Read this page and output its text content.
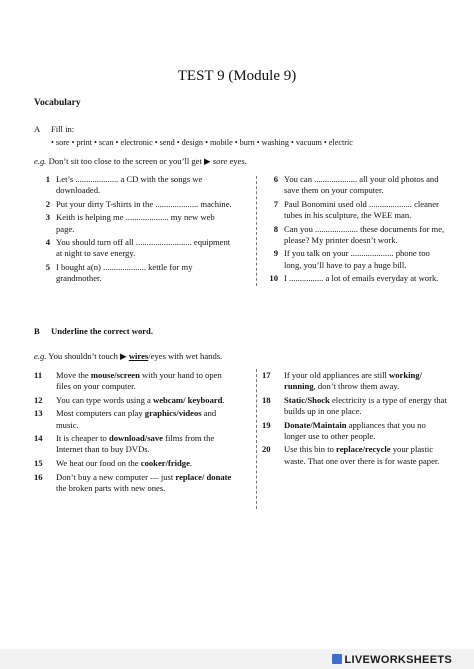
TEST 9 (Module 9)
Vocabulary
A Fill in:
• sore • print • scan • electronic • send • design • mobile • burn • washing • vacuum • electric
e.g. Don’t sit too close to the screen or you’ll get ▶ sore eyes.
1 Let’s .................... a CD with the songs we downloaded.
2 Put your dirty T-shirts in the .................... machine.
3 Keith is helping me .................... my new web page.
4 You should turn off all .......................... equipment at night to save energy.
5 I bought a(n) .................... kettle for my grandmother.
6 You can .................... all your old photos and save them on your computer.
7 Paul Bonomini used old .................... cleaner tubes in his sculpture, the WEE man.
8 Can you .................... these documents for me, please? My printer doesn’t work.
9 If you talk on your .................... phone too long, you’ll have to pay a huge bill.
10 I ................ a lot of emails everyday at work.
B Underline the correct word.
e.g. You shouldn’t touch ▶ wires/eyes with wet hands.
11	Move the mouse/screen with your hand to open files on your computer.
12	You can type words using a webcam/ keyboard.
13	Most computers can play graphics/videos and music.
14	It is cheaper to download/save films from the Internet than to buy DVDs.
15	We heat our food on the cooker/fridge.
16	Don’t buy a new computer — just replace/ donate the broken parts with new ones.
17	If your old appliances are still working/ running, don’t throw them away.
18	Static/Shock electricity is a type of energy that builds up in one place.
19	Donate/Maintain appliances that you no longer use to other people.
20	Use this bin to replace/recycle your plastic waste. That one over there is for waste paper.
LIVEWORKSHEETS
